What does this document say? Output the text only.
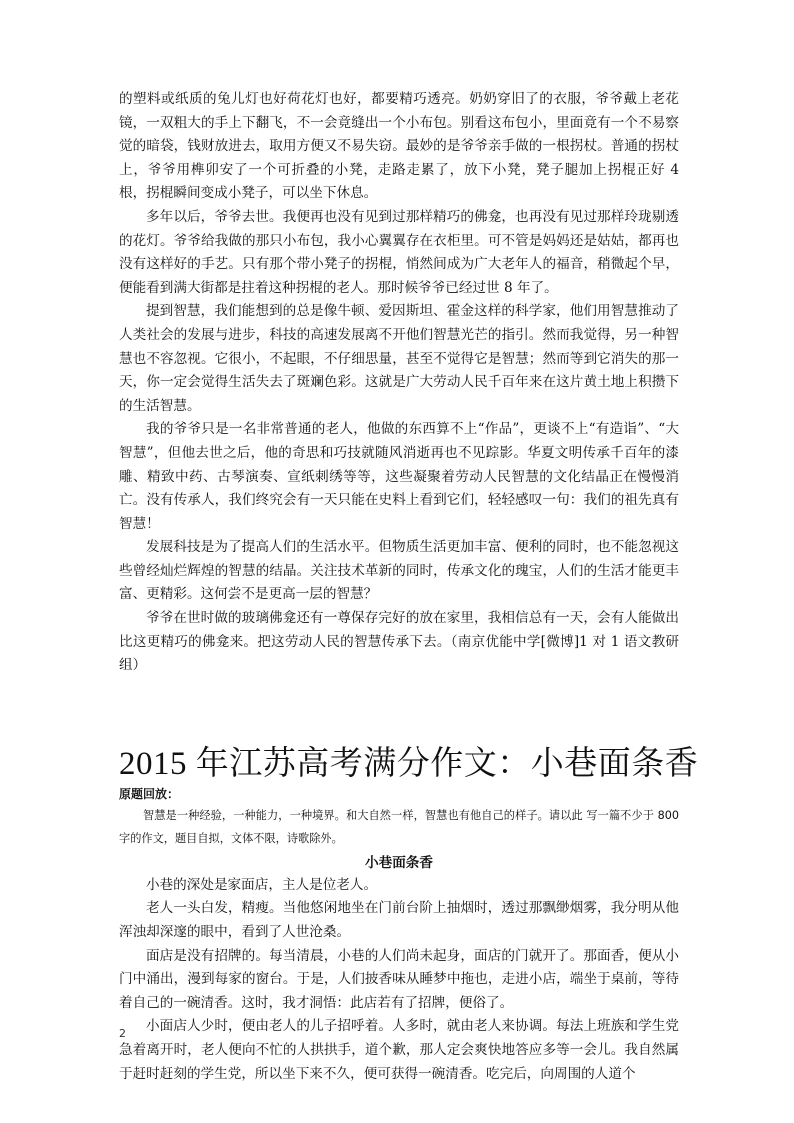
的塑料或纸质的兔儿灯也好荷花灯也好，都要精巧透亮。奶奶穿旧了的衣服，爷爷戴上老花镜，一双粗大的手上下翻飞，不一会竟缝出一个小布包。别看这布包小，里面竟有一个不易察觉的暗袋，钱财放进去，取用方便又不易失窃。最妙的是爷爷亲手做的一根拐杖。普通的拐杖上，爷爷用榫卯安了一个可折叠的小凳，走路走累了，放下小凳，凳子腿加上拐棍正好 4 根，拐棍瞬间变成小凳子，可以坐下休息。

多年以后，爷爷去世。我便再也没有见到过那样精巧的佛龛，也再没有见过那样玲珑剔透的花灯。爷爷给我做的那只小布包，我小心翼翼存在衣柜里。可不管是妈妈还是姑姑，都再也没有这样好的手艺。只有那个带小凳子的拐棍，悄然间成为广大老年人的福音，稍微起个早，便能看到满大街都是拄着这种拐棍的老人。那时候爷爷已经过世 8 年了。

提到智慧，我们能想到的总是像牛顿、爱因斯坦、霍金这样的科学家，他们用智慧推动了人类社会的发展与进步，科技的高速发展离不开他们智慧光芒的指引。然而我觉得，另一种智慧也不容忽视。它很小，不起眼，不仔细思量，甚至不觉得它是智慧；然而等到它消失的那一天，你一定会觉得生活失去了斑斓色彩。这就是广大劳动人民千百年来在这片黄土地上积攒下的生活智慧。

我的爷爷只是一名非常普通的老人，他做的东西算不上“作品”，更谈不上“有造诣”、“大智慧”，但他去世之后，他的奇思和巧技就随风消逝再也不见踪影。华夏文明传承千百年的漆雕、精致中药、古琴演奏、宣纸刺绣等等，这些凝聚着劳动人民智慧的文化结晶正在慢慢消亡。没有传承人，我们终究会有一天只能在史料上看到它们，轻轻感叹一句：我们的祖先真有智慧！

发展科技是为了提高人们的生活水平。但物质生活更加丰富、便利的同时，也不能忽视这些曾经灿烂辉煌的智慧的结晶。关注技术革新的同时，传承文化的瑰宝，人们的生活才能更丰富、更精彩。这何尝不是更高一层的智慧？

爷爷在世时做的玻璃佛龛还有一尊保存完好的放在家里，我相信总有一天，会有人能做出比这更精巧的佛龛来。把这劳动人民的智慧传承下去。（南京优能中学[微博]1 对 1 语文教研组）

2015 年江苏高考满分作文：小巷面条香

原题回放：

智慧是一种经验，一种能力，一种境界。和大自然一样，智慧也有他自己的样子。请以此 写一篇不少于 800 字的作文，题目自拟，文体不限，诗歌除外。

小巷面条香

小巷的深处是家面店，主人是位老人。

老人一头白发，精瘦。当他悠闲地坐在门前台阶上抽烟时，透过那飘缈烟雾，我分明从他浑浊却深邃的眼中，看到了人世沧桑。

面店是没有招牌的。每当清晨，小巷的人们尚未起身，面店的门就开了。那面香，便从小门中涌出，漫到每家的窗台。于是，人们披香味从睡梦中拖也，走进小店，端坐于桌前，等待着自己的一碗清香。这时，我才洞悟：此店若有了招牌，便俗了。

小面店人少时，便由老人的儿子招呼着。人多时，就由老人来协调。每法上班族和学生党急着离开时，老人便向不忙的人拱拱手，道个歉，那人定会爽快地答应多等一会儿。我自然属于赶时赶刻的学生党，所以坐下来不久，便可获得一碗清香。吃完后，向周围的人道个

2
